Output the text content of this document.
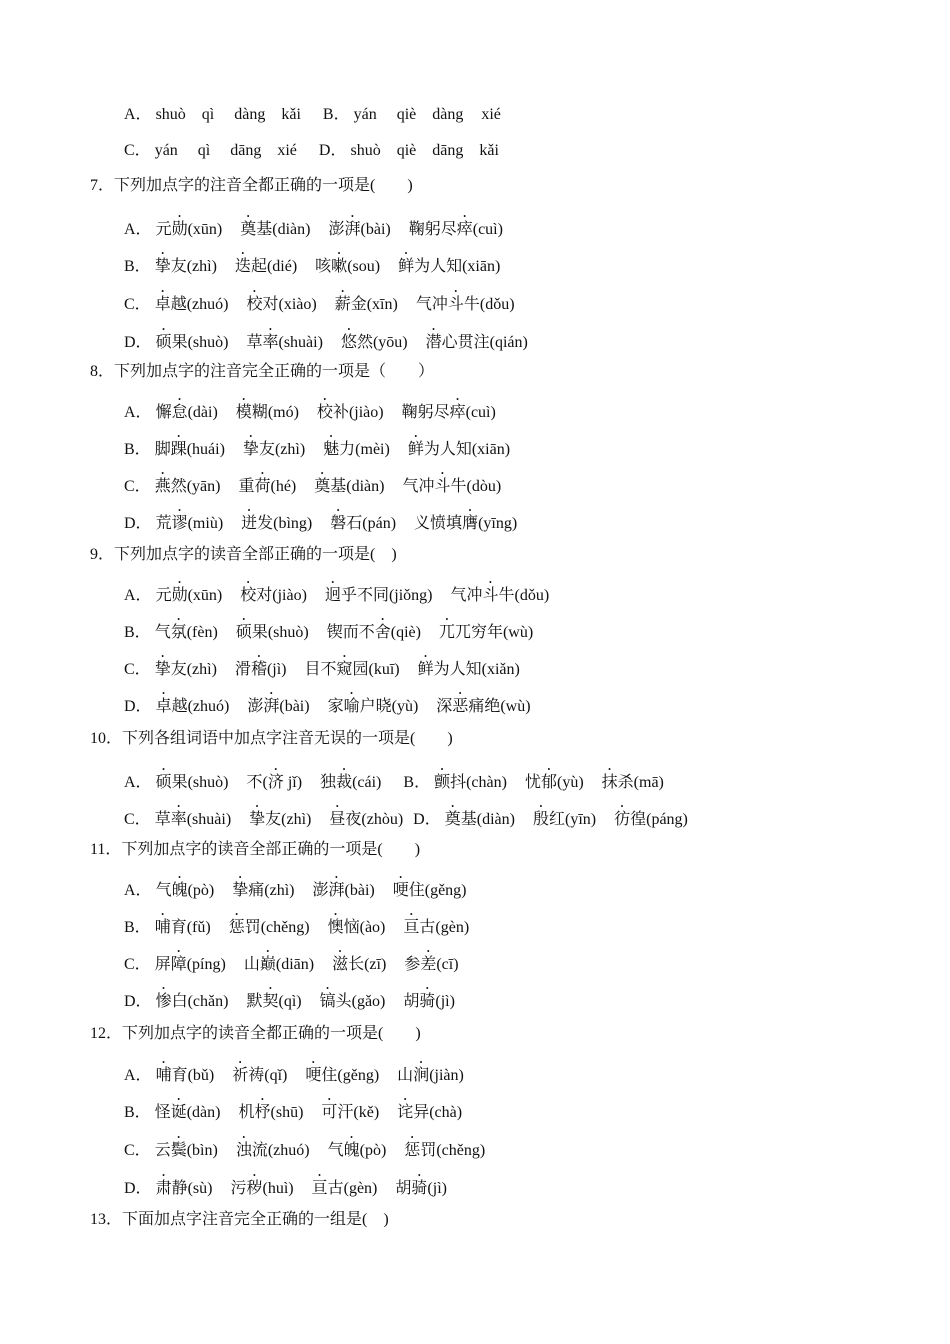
A． shuò qì dàng kǎi B． yán qiè dàng xié
C． yán qì dāng xié D． shuò qiè dāng kǎi
7．下列加点字的注音全都正确的一项是(　　)
A． 元勋(xūn) 奠基(diàn) 澎湃(bài) 鞠躬尽瘁(cuì)
B． 挚友(zhì) 迭起(dié) 咳嗽(sou) 鲜为人知(xiān)
C． 卓越(zhuó) 校对(xiào) 薪金(xīn) 气冲斗牛(dǒu)
D． 硕果(shuò) 草率(shuài) 悠然(yōu) 潜心贯注(qián)
8．下列加点字的注音完全正确的一项是（　　）
A． 懈怠(dài) 模糊(mó) 校补(jiào) 鞠躬尽瘁(cuì)
B． 脚踝(huái) 挚友(zhì) 魅力(mèi) 鲜为人知(xiān)
C． 燕然(yān) 重荷(hé) 奠基(diàn) 气冲斗牛(dòu)
D． 荒谬(miù) 迸发(bìng) 磐石(pán) 义愤填膺(yīng)
9．下列加点字的读音全部正确的一项是(　)
A． 元勋(xūn) 校对(jiào) 迥乎不同(jiǒng) 气冲斗牛(dǒu)
B． 气氛(fèn) 硕果(shuò) 锲而不舍(qiè) 兀兀穷年(wù)
C． 挚友(zhì) 滑稽(jì) 目不窥园(kuī) 鲜为人知(xiǎn)
D． 卓越(zhuó) 澎湃(bài) 家喻户晓(yù) 深恶痛绝(wù)
10．下列各组词语中加点字注音无误的一项是(　　)
A． 硕果(shuò) 不(济 jǐ) 独裁(cái) B． 颤抖(chàn) 忧郁(yù) 抹杀(mā)
C． 草率(shuài) 挚友(zhì) 昼夜(zhòu) D． 奠基(diàn) 殷红(yīn) 彷徨(páng)
11．下列加点字的读音全部正确的一项是(　　)
A． 气魄(pò) 挚痛(zhì) 澎湃(bài) 哽住(gěng)
B． 哺育(fǔ) 惩罚(chěng) 懊恼(ào) 亘古(gèn)
C． 屏障(píng) 山巅(diān) 滋长(zī) 参差(cī)
D． 惨白(chǎn) 默契(qì) 镐头(gǎo) 胡骑(jì)
12．下列加点字的读音全都正确的一项是(　　)
A． 哺育(bǔ) 祈祷(qǐ) 哽住(gěng) 山涧(jiàn)
B． 怪诞(dàn) 机杼(shū) 可汗(kě) 诧异(chà)
C． 云鬓(bìn) 浊流(zhuó) 气魄(pò) 惩罚(chěng)
D． 肃静(sù) 污秽(huì) 亘古(gèn) 胡骑(jì)
13．下面加点字注音完全正确的一组是(　)
